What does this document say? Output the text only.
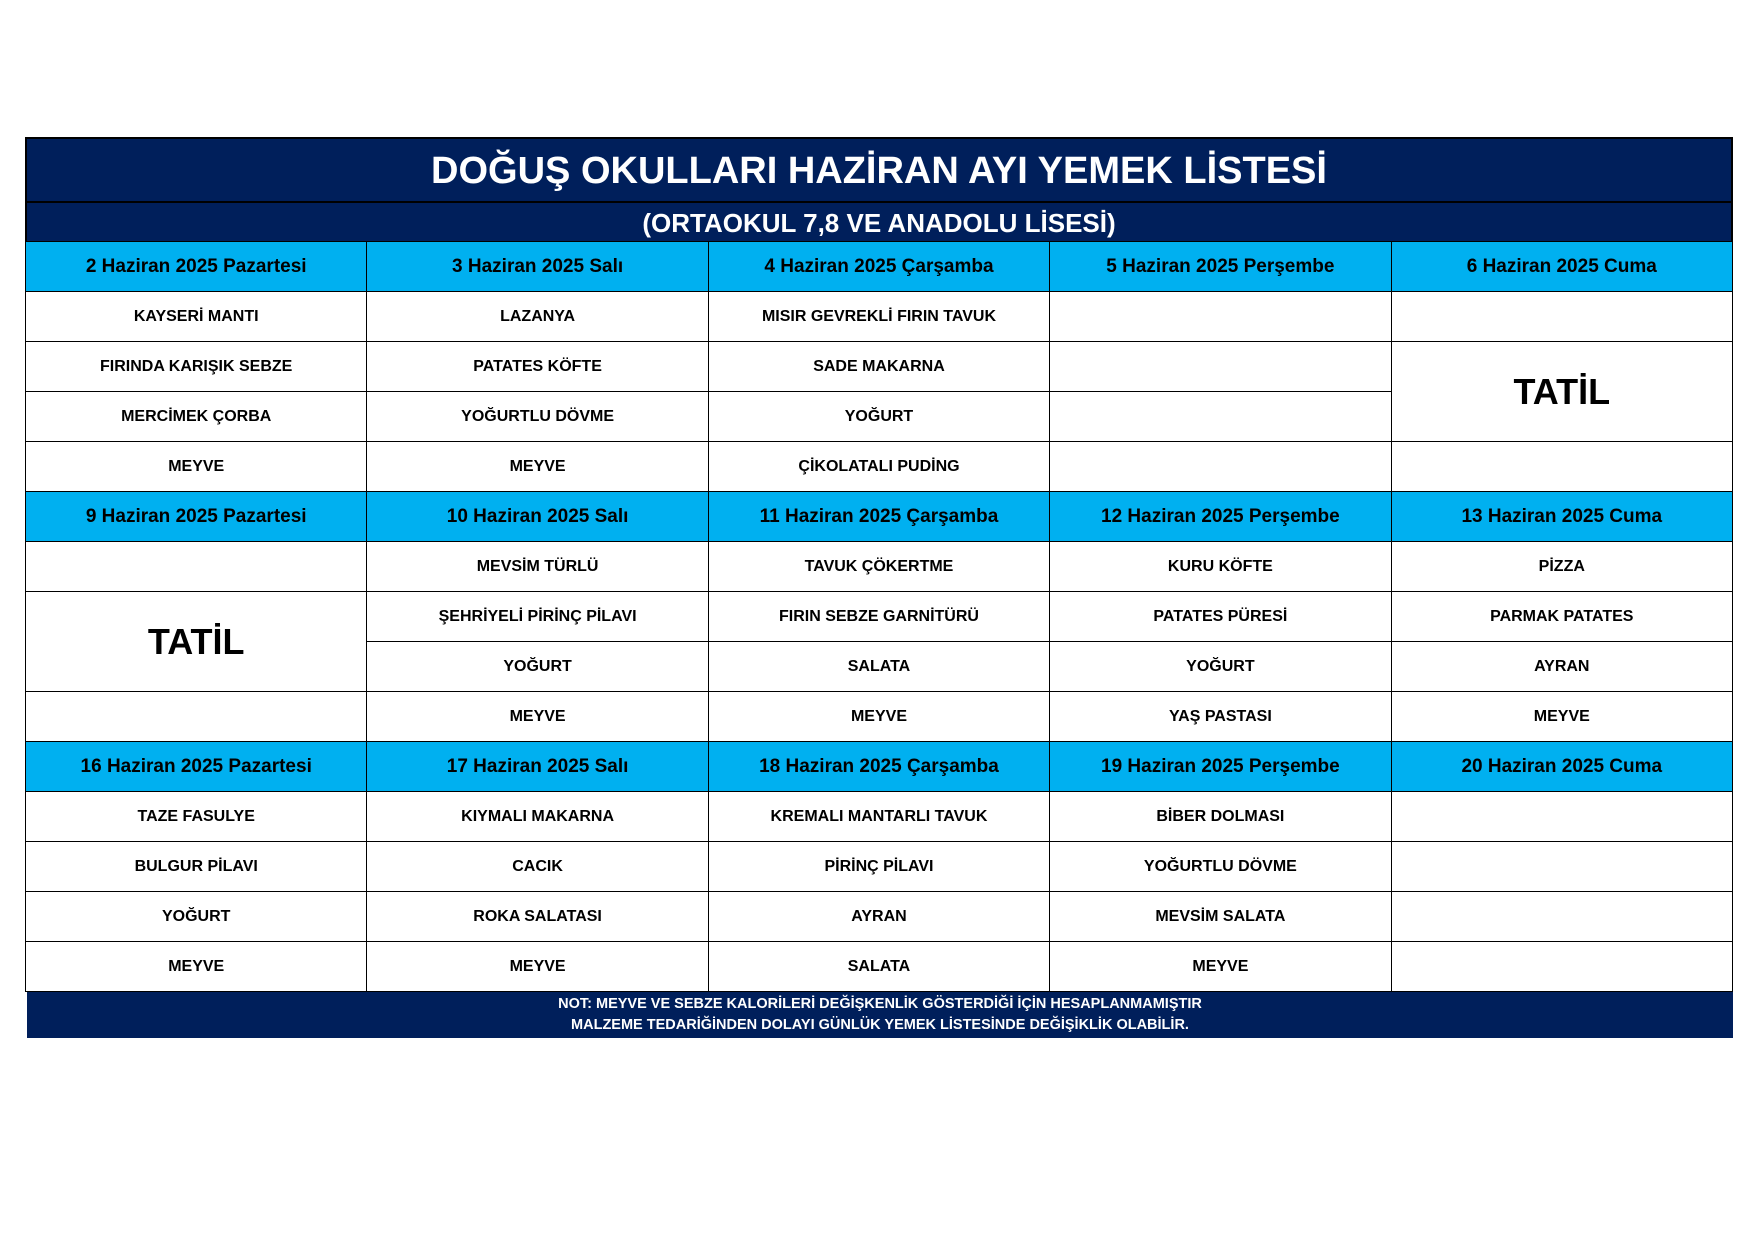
DOĞUŞ OKULLARI HAZİRAN AYI YEMEK LİSTESİ
(ORTAOKUL 7,8 VE ANADOLU LİSESİ)
2 Haziran 2025 Pazartesi	3 Haziran 2025 Salı	4 Haziran 2025 Çarşamba	5 Haziran 2025 Perşembe	6 Haziran 2025 Cuma
KAYSERİ MANTI	LAZANYA	MISIR GEVREKLİ FIRIN TAVUK		
FIRINDA KARIŞIK SEBZE	PATATES KÖFTE	SADE MAKARNA		TATİL
MERCİMEK ÇORBA	YOĞURTLU DÖVME	YOĞURT		
MEYVE	MEYVE	ÇİKOLATALI PUDİNG		
9 Haziran 2025 Pazartesi	10 Haziran 2025 Salı	11 Haziran 2025 Çarşamba	12 Haziran 2025 Perşembe	13 Haziran 2025 Cuma
	MEVSİM TÜRLÜ	TAVUK ÇÖKERTME	KURU KÖFTE	PİZZA
TATİL	ŞEHRİYELİ PİRİNÇ PİLAVI	FIRIN SEBZE GARNİTÜRÜ	PATATES PÜRESİ	PARMAK PATATES
	YOĞURT	SALATA	YOĞURT	AYRAN
	MEYVE	MEYVE	YAŞ PASTASI	MEYVE
16 Haziran 2025 Pazartesi	17 Haziran 2025 Salı	18 Haziran 2025 Çarşamba	19 Haziran 2025 Perşembe	20 Haziran 2025 Cuma
TAZE FASULYE	KIYMALI MAKARNA	KREMALI MANTARLI TAVUK	BİBER DOLMASI	
BULGUR PİLAVI	CACIK	PİRİNÇ PİLAVI	YOĞURTLU DÖVME	
YOĞURT	ROKA SALATASI	AYRAN	MEVSİM SALATA	
MEYVE	MEYVE	SALATA	MEYVE	
NOT: MEYVE VE SEBZE KALORİLERİ DEĞİŞKENLİK GÖSTERDİĞİ İÇİN HESAPLANMAMIŞTIR
MALZEME TEDARİĞİNDEN DOLAYI GÜNLÜK YEMEK LİSTESİNDE DEĞİŞİKLİK OLABİLİR.
